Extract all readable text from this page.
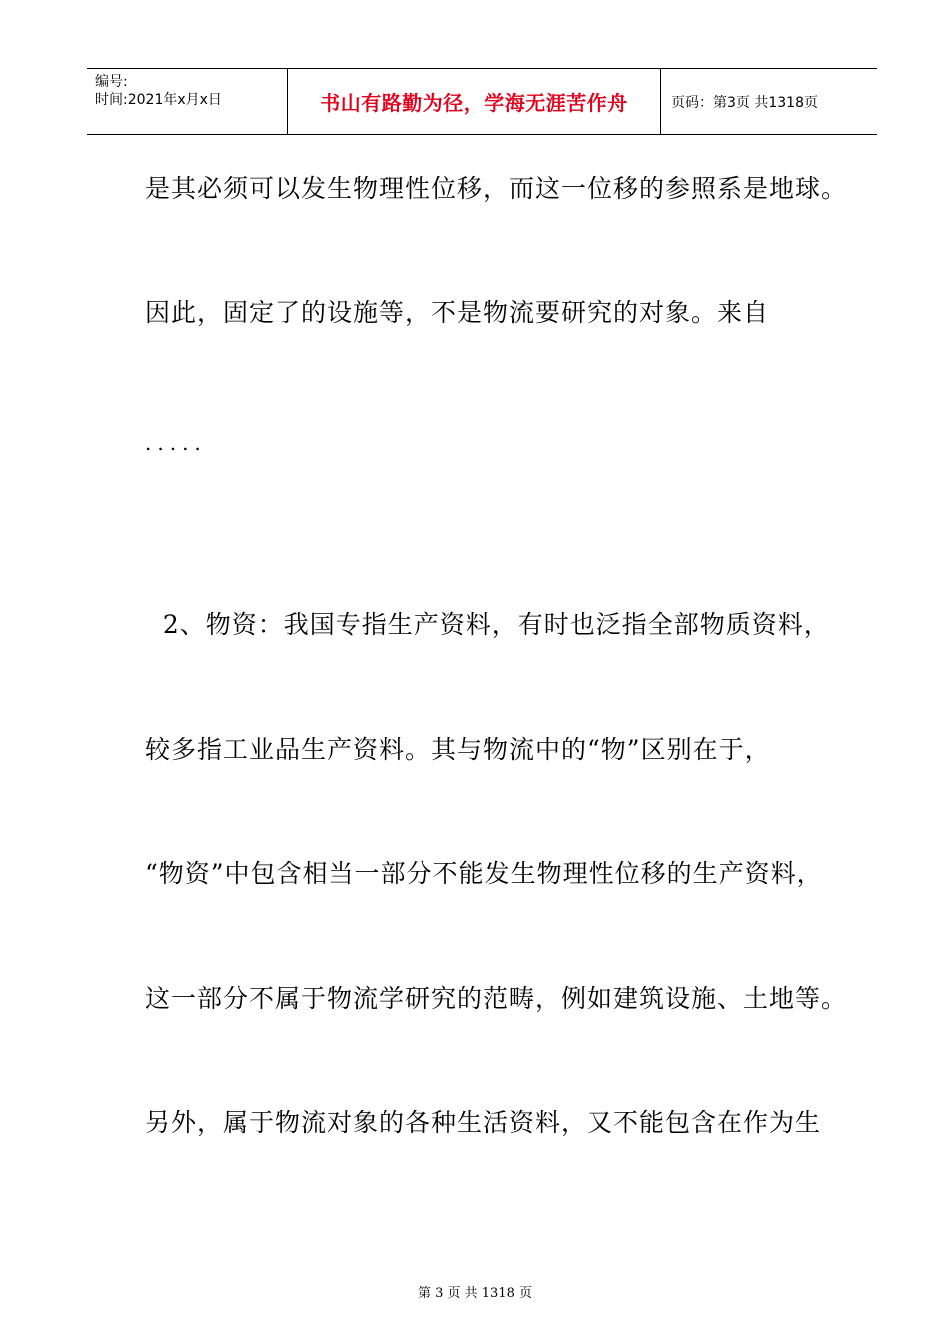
编号:
时间:2021年x月x日	书山有路勤为径，学海无涯苦作舟	页码：第3页 共1318页
是其必须可以发生物理性位移，而这一位移的参照系是地球。
因此，固定了的设施等，不是物流要研究的对象。来自
.....
2、物资：我国专指生产资料，有时也泛指全部物质资料，
较多指工业品生产资料。其与物流中的“物”区别在于，
“物资”中包含相当一部分不能发生物理性位移的生产资料，
这一部分不属于物流学研究的范畴，例如建筑设施、土地等。
另外，属于物流对象的各种生活资料，又不能包含在作为生
第 3 页 共 1318 页
